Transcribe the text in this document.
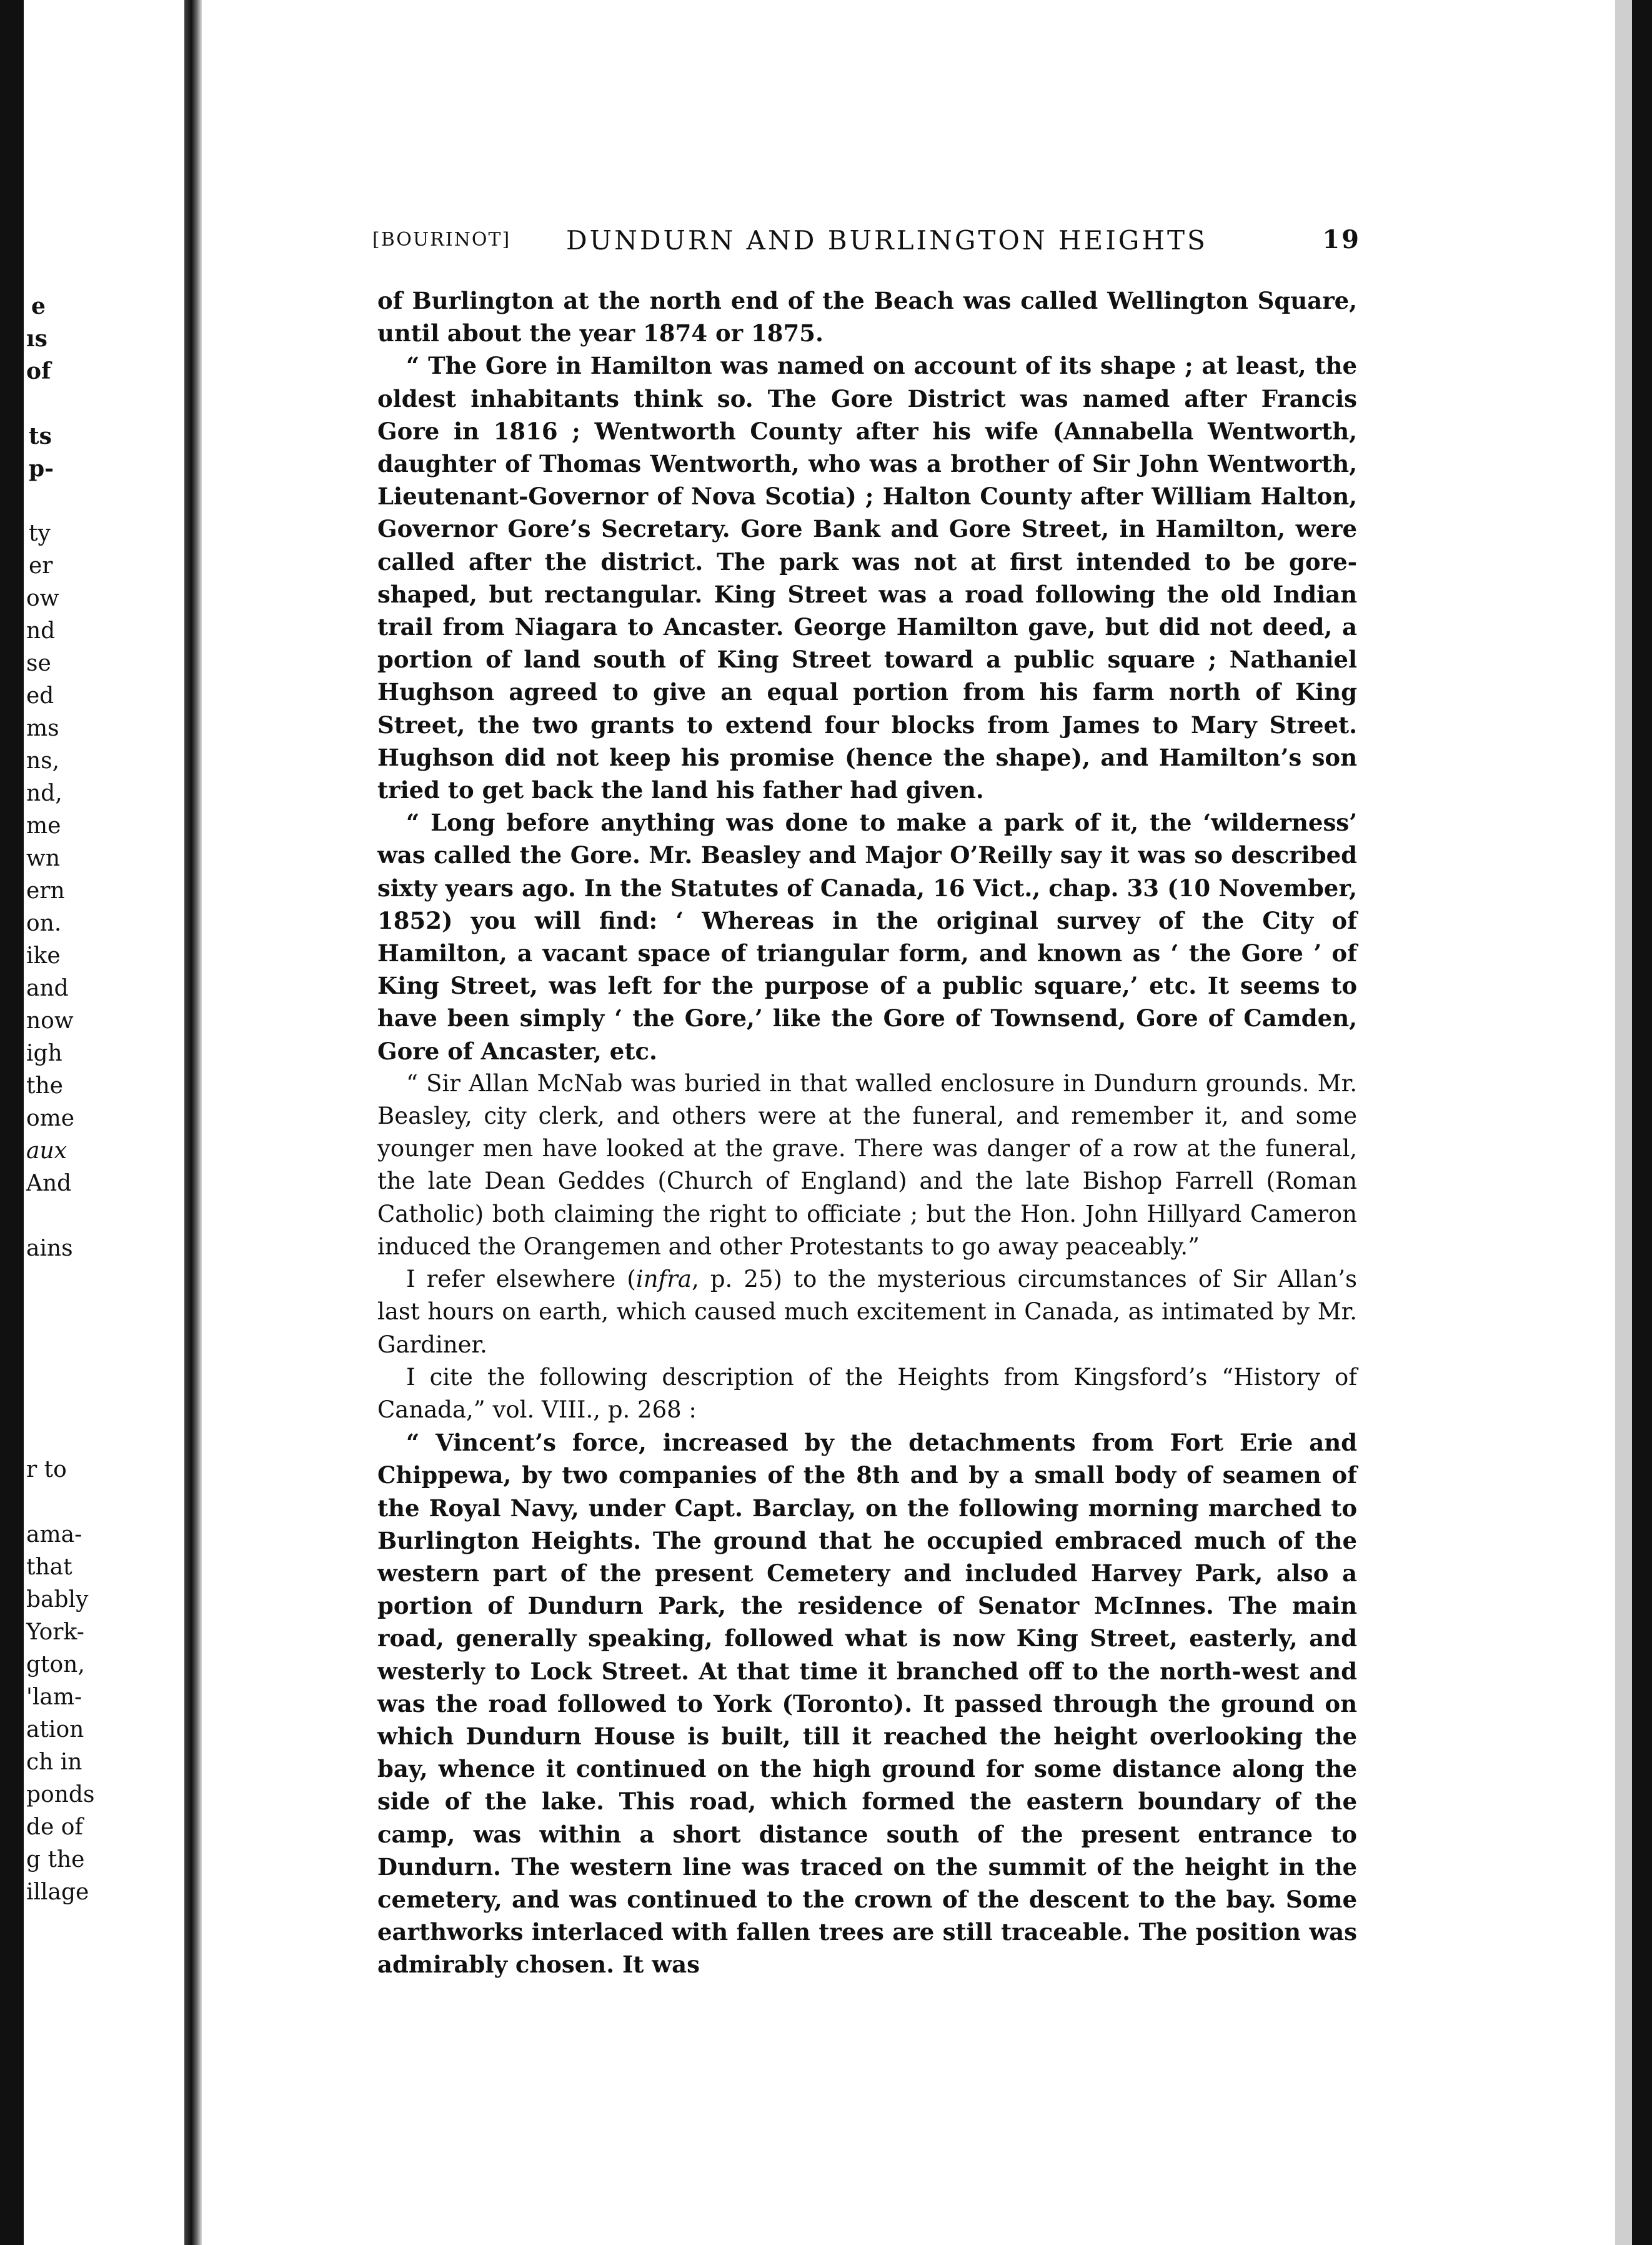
e
ıs
of
ts
p-
ty
er
ow
nd
se
ed
ms
ns,
nd,
me
wn
ern
on.
ike
and
now
igh
the
ome
aux
And
ains
r to
ama-
that
bably
York-
gton,
'lam-
ation
ch in
ponds
de of
g the
illage
[BOURINOT] DUNDURN AND BURLINGTON HEIGHTS	19

of Burlington at the north end of the Beach was called Wellington Square, until about the year 1874 or 1875.

“ The Gore in Hamilton was named on account of its shape ; at least, the oldest inhabitants think so. The Gore District was named after Francis Gore in 1816 ; Wentworth County after his wife (Annabella Wentworth, daughter of Thomas Wentworth, who was a brother of Sir John Wentworth, Lieutenant-Governor of Nova Scotia) ; Halton County after William Halton, Governor Gore’s Secretary. Gore Bank and Gore Street, in Hamilton, were called after the district. The park was not at first intended to be gore-shaped, but rectangular. King Street was a road following the old Indian trail from Niagara to Ancaster. George Hamilton gave, but did not deed, a portion of land south of King Street toward a public square ; Nathaniel Hughson agreed to give an equal portion from his farm north of King Street, the two grants to extend four blocks from James to Mary Street. Hughson did not keep his promise (hence the shape), and Hamilton’s son tried to get back the land his father had given.

“ Long before anything was done to make a park of it, the ‘wilderness’ was called the Gore. Mr. Beasley and Major O’Reilly say it was so described sixty years ago. In the Statutes of Canada, 16 Vict., chap. 33 (10 November, 1852) you will find: ‘ Whereas in the original survey of the City of Hamilton, a vacant space of triangular form, and known as ‘ the Gore ’ of King Street, was left for the purpose of a public square,’ etc. It seems to have been simply ‘ the Gore,’ like the Gore of Townsend, Gore of Camden, Gore of Ancaster, etc.

“ Sir Allan McNab was buried in that walled enclosure in Dundurn grounds. Mr. Beasley, city clerk, and others were at the funeral, and remember it, and some younger men have looked at the grave. There was danger of a row at the funeral, the late Dean Geddes (Church of England) and the late Bishop Farrell (Roman Catholic) both claiming the right to officiate ; but the Hon. John Hillyard Cameron induced the Orangemen and other Protestants to go away peaceably.”

I refer elsewhere (infra, p. 25) to the mysterious circumstances of Sir Allan’s last hours on earth, which caused much excitement in Canada, as intimated by Mr. Gardiner.

I cite the following description of the Heights from Kingsford’s “History of Canada,” vol. VIII., p. 268 :

“ Vincent’s force, increased by the detachments from Fort Erie and Chippewa, by two companies of the 8th and by a small body of seamen of the Royal Navy, under Capt. Barclay, on the following morning marched to Burlington Heights. The ground that he occupied embraced much of the western part of the present Cemetery and included Harvey Park, also a portion of Dundurn Park, the residence of Senator McInnes. The main road, generally speaking, followed what is now King Street, easterly, and westerly to Lock Street. At that time it branched off to the north-west and was the road followed to York (Toronto). It passed through the ground on which Dundurn House is built, till it reached the height overlooking the bay, whence it continued on the high ground for some distance along the side of the lake. This road, which formed the eastern boundary of the camp, was within a short distance south of the present entrance to Dundurn. The western line was traced on the summit of the height in the cemetery, and was continued to the crown of the descent to the bay. Some earthworks interlaced with fallen trees are still traceable. The position was admirably chosen. It was
